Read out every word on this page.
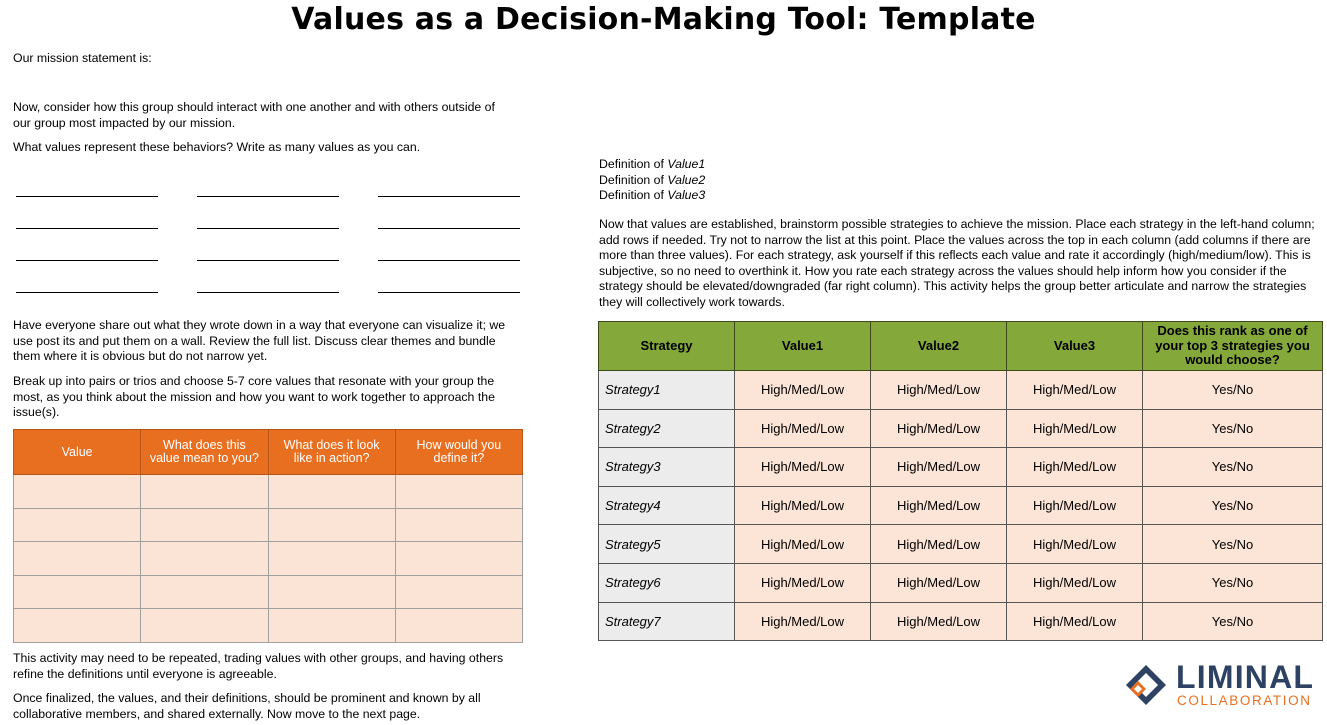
Values as a Decision-Making Tool: Template
Our mission statement is:
Now, consider how this group should interact with one another and with others outside of our group most impacted by our mission.
What values represent these behaviors? Write as many values as you can.
Have everyone share out what they wrote down in a way that everyone can visualize it; we use post its and put them on a wall. Review the full list. Discuss clear themes and bundle them where it is obvious but do not narrow yet.
Break up into pairs or trios and choose 5-7 core values that resonate with your group the most, as you think about the mission and how you want to work together to approach the issue(s).
Value	What does this value mean to you?	What does it look like in action?	How would you define it?

This activity may need to be repeated, trading values with other groups, and having others refine the definitions until everyone is agreeable.
Once finalized, the values, and their definitions, should be prominent and known by all collaborative members, and shared externally. Now move to the next page.
Definition of Value1
Definition of Value2
Definition of Value3
Now that values are established, brainstorm possible strategies to achieve the mission. Place each strategy in the left-hand column; add rows if needed. Try not to narrow the list at this point. Place the values across the top in each column (add columns if there are more than three values). For each strategy, ask yourself if this reflects each value and rate it accordingly (high/medium/low). This is subjective, so no need to overthink it. How you rate each strategy across the values should help inform how you consider if the strategy should be elevated/downgraded (far right column). This activity helps the group better articulate and narrow the strategies they will collectively work towards.
Strategy	Value1	Value2	Value3	Does this rank as one of your top 3 strategies you would choose?
Strategy1	High/Med/Low	High/Med/Low	High/Med/Low	Yes/No
Strategy2	High/Med/Low	High/Med/Low	High/Med/Low	Yes/No
Strategy3	High/Med/Low	High/Med/Low	High/Med/Low	Yes/No
Strategy4	High/Med/Low	High/Med/Low	High/Med/Low	Yes/No
Strategy5	High/Med/Low	High/Med/Low	High/Med/Low	Yes/No
Strategy6	High/Med/Low	High/Med/Low	High/Med/Low	Yes/No
Strategy7	High/Med/Low	High/Med/Low	High/Med/Low	Yes/No
LIMINAL
COLLABORATION
